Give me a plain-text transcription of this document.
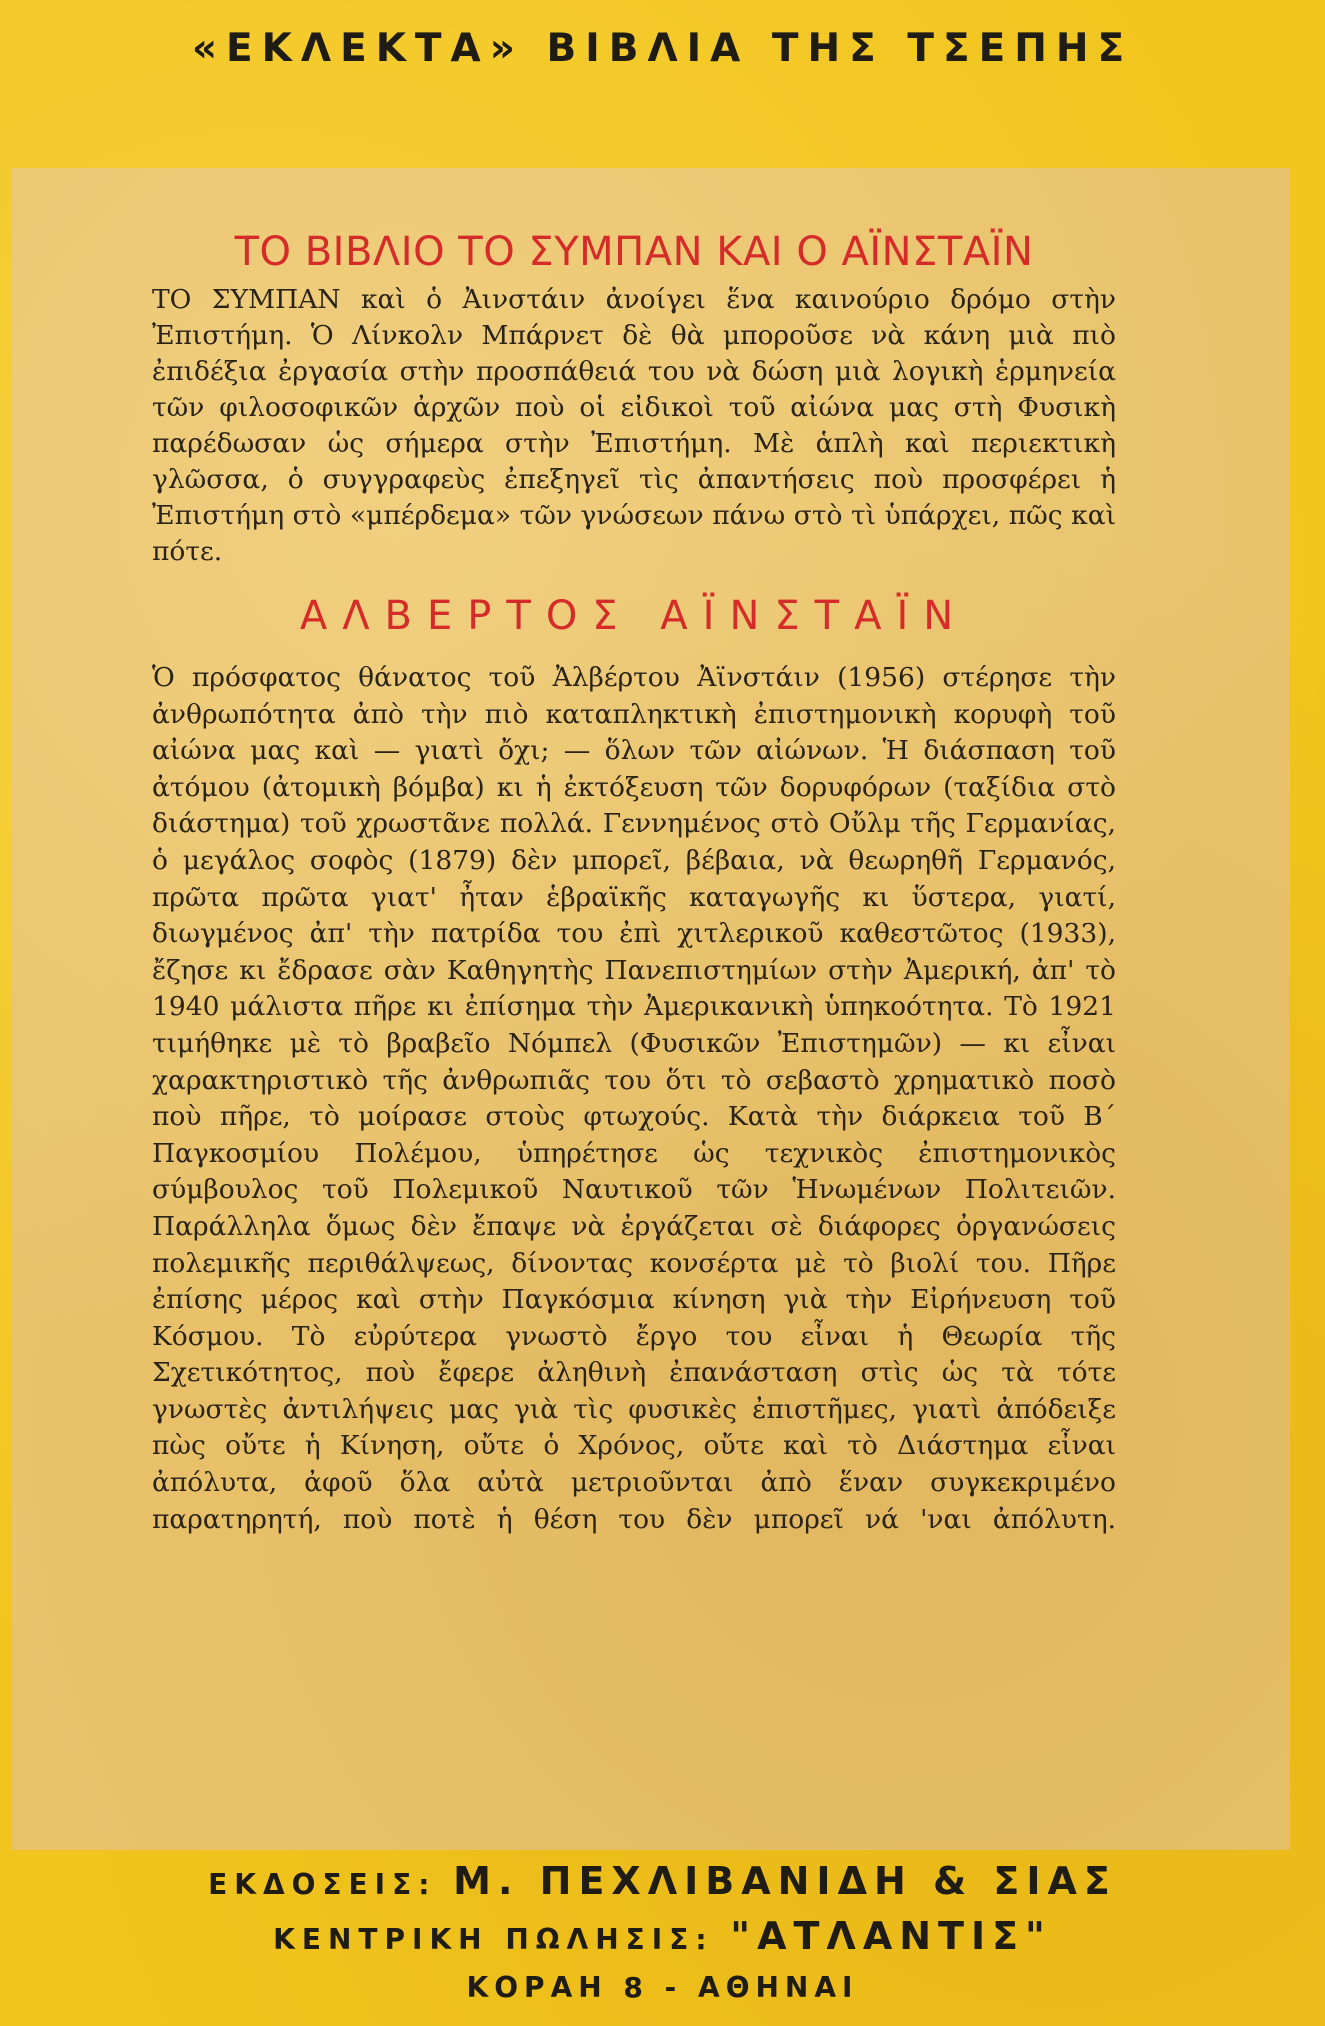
«ΕΚΛΕΚΤΑ» ΒΙΒΛΙΑ ΤΗΣ ΤΣΕΠΗΣ
ΤΟ ΒΙΒΛΙΟ ΤΟ ΣΥΜΠΑΝ ΚΑΙ Ο ΑΪΝΣΤΑΪΝ

ΤΟ ΣΥΜΠΑΝ καὶ ὁ Ἀινστάιν ἀνοίγει ἕνα καινούριο δρόμο στὴν Ἐπιστήμη. Ὁ Λίνκολν Μπάρνετ δὲ θὰ μποροῦσε νὰ κάνη μιὰ πιὸ ἐπιδέξια ἐργασία στὴν προσπάθειά του νὰ δώση μιὰ λογικὴ ἑρμηνεία τῶν φιλοσοφικῶν ἀρχῶν ποὺ οἱ εἰδικοὶ τοῦ αἰώνα μας στὴ Φυσικὴ παρέδωσαν ὡς σήμερα στὴν Ἐπιστήμη. Μὲ ἁπλὴ καὶ περιεκτικὴ γλῶσσα, ὁ συγγραφεὺς ἐπεξηγεῖ τὶς ἀπαντήσεις ποὺ προσφέρει ἡ Ἐπιστήμη στὸ «μπέρδεμα» τῶν γνώσεων πάνω στὸ τὶ ὑπάρχει, πῶς καὶ πότε.

ΑΛΒΕΡΤΟΣ ΑΪΝΣΤΑΪΝ

Ὁ πρόσφατος θάνατος τοῦ Ἀλβέρτου Ἀϊνστάιν (1956) στέρησε τὴν ἀνθρωπότητα ἀπὸ τὴν πιὸ καταπληκτικὴ ἐπιστημονικὴ κορυφὴ τοῦ αἰώνα μας καὶ — γιατὶ ὄχι; — ὅλων τῶν αἰώνων. Ἡ διάσπαση τοῦ ἀτόμου (ἀτομικὴ βόμβα) κι ἡ ἐκτόξευση τῶν δορυφόρων (ταξίδια στὸ διάστημα) τοῦ χρωστᾶνε πολλά. Γεννημένος στὸ Οὔλμ τῆς Γερμανίας, ὁ μεγάλος σοφὸς (1879) δὲν μπορεῖ, βέβαια, νὰ θεωρηθῆ Γερμανός, πρῶτα πρῶτα γιατ' ἦταν ἑβραϊκῆς καταγωγῆς κι ὕστερα, γιατί, διωγμένος ἀπ' τὴν πατρίδα του ἐπὶ χιτλερικοῦ καθεστῶτος (1933), ἔζησε κι ἔδρασε σὰν Καθηγητὴς Πανεπιστημίων στὴν Ἀμερική, ἀπ' τὸ 1940 μάλιστα πῆρε κι ἐπίσημα τὴν Ἀμερικανικὴ ὑπηκοότητα. Τὸ 1921 τιμήθηκε μὲ τὸ βραβεῖο Νόμπελ (Φυσικῶν Ἐπιστημῶν) — κι εἶναι χαρακτηριστικὸ τῆς ἀνθρωπιᾶς του ὅτι τὸ σεβαστὸ χρηματικὸ ποσὸ ποὺ πῆρε, τὸ μοίρασε στοὺς φτωχούς. Κατὰ τὴν διάρκεια τοῦ Β΄ Παγκοσμίου Πολέμου, ὑπηρέτησε ὡς τεχνικὸς ἐπιστημονικὸς σύμβουλος τοῦ Πολεμικοῦ Ναυτικοῦ τῶν Ἡνωμένων Πολιτειῶν. Παράλληλα ὅμως δὲν ἔπαψε νὰ ἐργάζεται σὲ διάφορες ὀργανώσεις πολεμικῆς περιθάλψεως, δίνοντας κονσέρτα μὲ τὸ βιολί του. Πῆρε ἐπίσης μέρος καὶ στὴν Παγκόσμια κίνηση γιὰ τὴν Εἰρήνευση τοῦ Κόσμου. Τὸ εὐρύτερα γνωστὸ ἔργο του εἶναι ἡ Θεωρία τῆς Σχετικότητος, ποὺ ἔφερε ἀληθινὴ ἐπανάσταση στὶς ὡς τὰ τότε γνωστὲς ἀντιλήψεις μας γιὰ τὶς φυσικὲς ἐπιστῆμες, γιατὶ ἀπόδειξε πὼς οὔτε ἡ Κίνηση, οὔτε ὁ Χρόνος, οὔτε καὶ τὸ Διάστημα εἶναι ἀπόλυτα, ἀφοῦ ὅλα αὐτὰ μετριοῦνται ἀπὸ ἕναν συγκεκριμένο παρατηρητή, ποὺ ποτὲ ἡ θέση του δὲν μπορεῖ νά 'ναι ἀπόλυτη.

ΕΚΔΟΣΕΙΣ: Μ. ΠΕΧΛΙΒΑΝΙΔΗ & ΣΙΑΣ
ΚΕΝΤΡΙΚΗ ΠΩΛΗΣΙΣ: "ΑΤΛΑΝΤΙΣ"
ΚΟΡΑΗ 8 - ΑΘΗΝΑΙ
